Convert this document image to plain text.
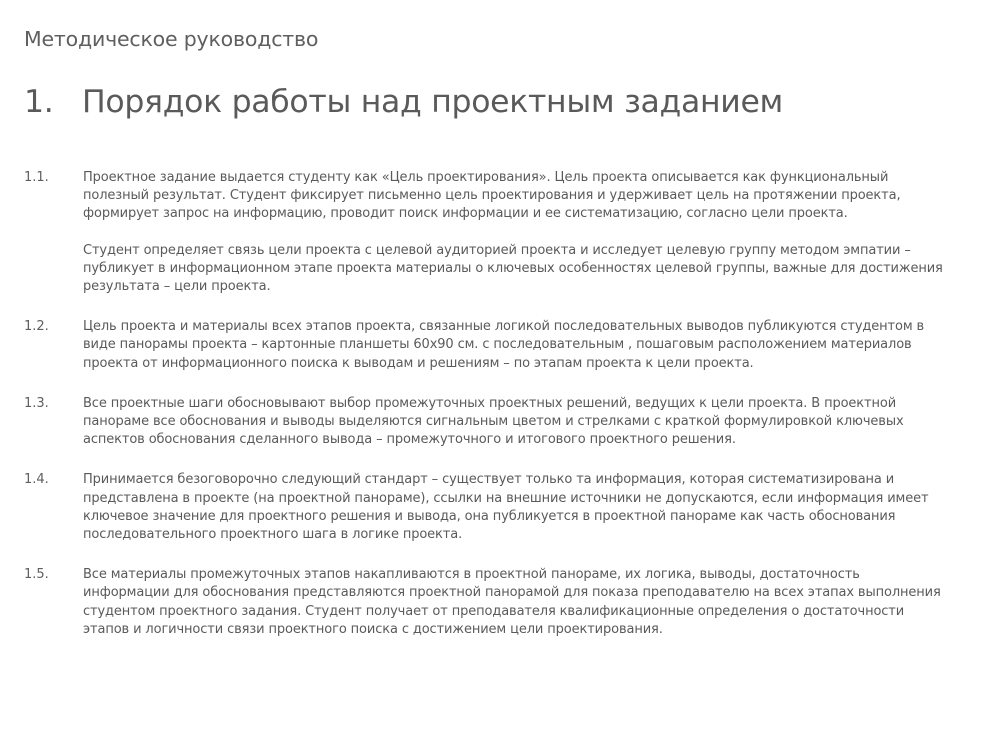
Методическое руководство
1. Порядок работы над проектным заданием
1.1.	Проектное задание выдается студенту как «Цель проектирования». Цель проекта описывается как функциональный полезный результат. Студент фиксирует письменно цель проектирования и удерживает цель на протяжении проекта, формирует запрос на информацию, проводит поиск информации и ее систематизацию, согласно цели проекта.

Студент определяет связь цели проекта с целевой аудиторией проекта и исследует целевую группу методом эмпатии – публикует в информационном этапе проекта материалы о ключевых особенностях целевой группы, важные для достижения результата – цели проекта.

1.2.	Цель проекта и материалы всех этапов проекта, связанные логикой последовательных выводов публикуются студентом в виде панорамы проекта – картонные планшеты 60х90 см. с последовательным , пошаговым расположением материалов проекта от информационного поиска к выводам и решениям – по этапам проекта к цели проекта.

1.3.	Все проектные шаги обосновывают выбор промежуточных проектных решений, ведущих к цели проекта. В проектной панораме все обоснования и выводы выделяются сигнальным цветом и стрелками с краткой формулировкой ключевых аспектов обоснования сделанного вывода – промежуточного и итогового проектного решения.

1.4.	Принимается безоговорочно следующий стандарт – существует только та информация, которая систематизирована и представлена в проекте (на проектной панораме), ссылки на внешние источники не допускаются, если информация имеет ключевое значение для проектного решения и вывода, она публикуется в проектной панораме как часть обоснования последовательного проектного шага в логике проекта.

1.5.	Все материалы промежуточных этапов накапливаются в проектной панораме, их логика, выводы, достаточность информации для обоснования представляются проектной панорамой для показа преподавателю на всех этапах выполнения студентом проектного задания. Студент получает от преподавателя квалификационные определения о достаточности этапов и логичности связи проектного поиска с достижением цели проектирования.
